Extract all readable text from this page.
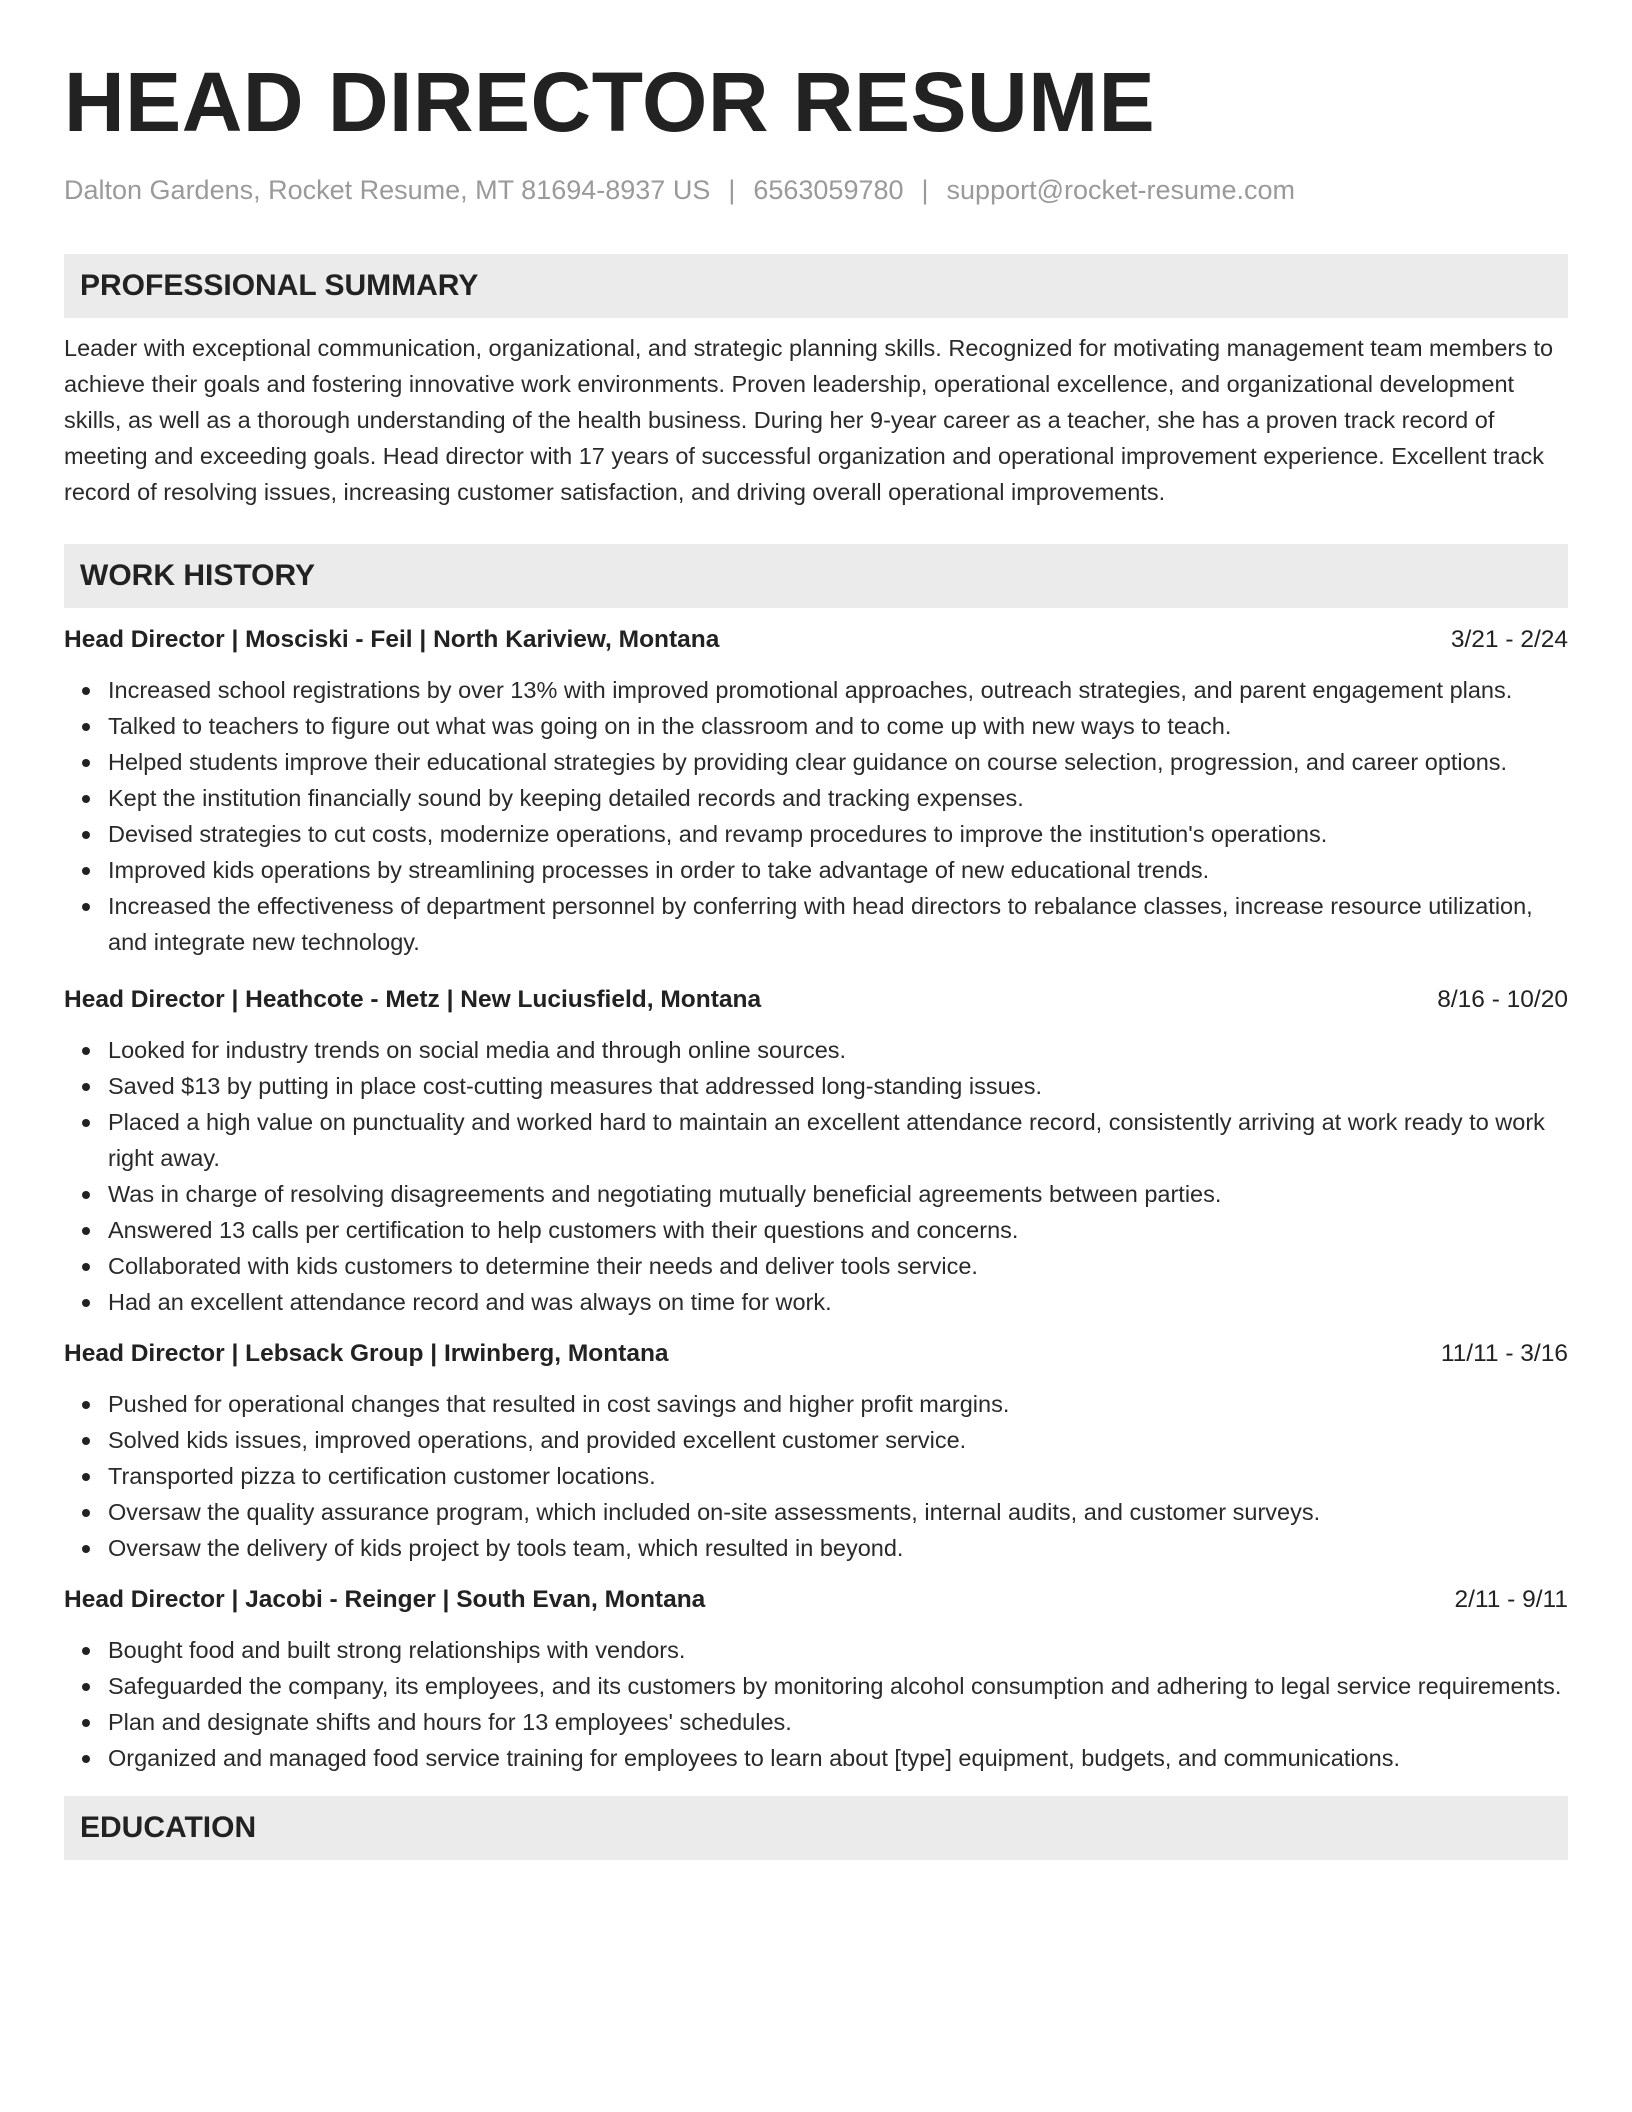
HEAD DIRECTOR RESUME
Dalton Gardens, Rocket Resume, MT 81694-8937 US | 6563059780 | support@rocket-resume.com
PROFESSIONAL SUMMARY

Leader with exceptional communication, organizational, and strategic planning skills. Recognized for motivating management team members to achieve their goals and fostering innovative work environments. Proven leadership, operational excellence, and organizational development skills, as well as a thorough understanding of the health business. During her 9-year career as a teacher, she has a proven track record of meeting and exceeding goals. Head director with 17 years of successful organization and operational improvement experience. Excellent track record of resolving issues, increasing customer satisfaction, and driving overall operational improvements.

WORK HISTORY
Head Director | Mosciski - Feil | North Kariview, Montana	3/21 - 2/24
Increased school registrations by over 13% with improved promotional approaches, outreach strategies, and parent engagement plans.
Talked to teachers to figure out what was going on in the classroom and to come up with new ways to teach.
Helped students improve their educational strategies by providing clear guidance on course selection, progression, and career options.
Kept the institution financially sound by keeping detailed records and tracking expenses.
Devised strategies to cut costs, modernize operations, and revamp procedures to improve the institution's operations.
Improved kids operations by streamlining processes in order to take advantage of new educational trends.
Increased the effectiveness of department personnel by conferring with head directors to rebalance classes, increase resource utilization, and integrate new technology.
Head Director | Heathcote - Metz | New Luciusfield, Montana	8/16 - 10/20
Looked for industry trends on social media and through online sources.
Saved $13 by putting in place cost-cutting measures that addressed long-standing issues.
Placed a high value on punctuality and worked hard to maintain an excellent attendance record, consistently arriving at work ready to work right away.
Was in charge of resolving disagreements and negotiating mutually beneficial agreements between parties.
Answered 13 calls per certification to help customers with their questions and concerns.
Collaborated with kids customers to determine their needs and deliver tools service.
Had an excellent attendance record and was always on time for work.
Head Director | Lebsack Group | Irwinberg, Montana	11/11 - 3/16
Pushed for operational changes that resulted in cost savings and higher profit margins.
Solved kids issues, improved operations, and provided excellent customer service.
Transported pizza to certification customer locations.
Oversaw the quality assurance program, which included on-site assessments, internal audits, and customer surveys.
Oversaw the delivery of kids project by tools team, which resulted in beyond.
Head Director | Jacobi - Reinger | South Evan, Montana	2/11 - 9/11
Bought food and built strong relationships with vendors.
Safeguarded the company, its employees, and its customers by monitoring alcohol consumption and adhering to legal service requirements.
Plan and designate shifts and hours for 13 employees' schedules.
Organized and managed food service training for employees to learn about [type] equipment, budgets, and communications.
EDUCATION
